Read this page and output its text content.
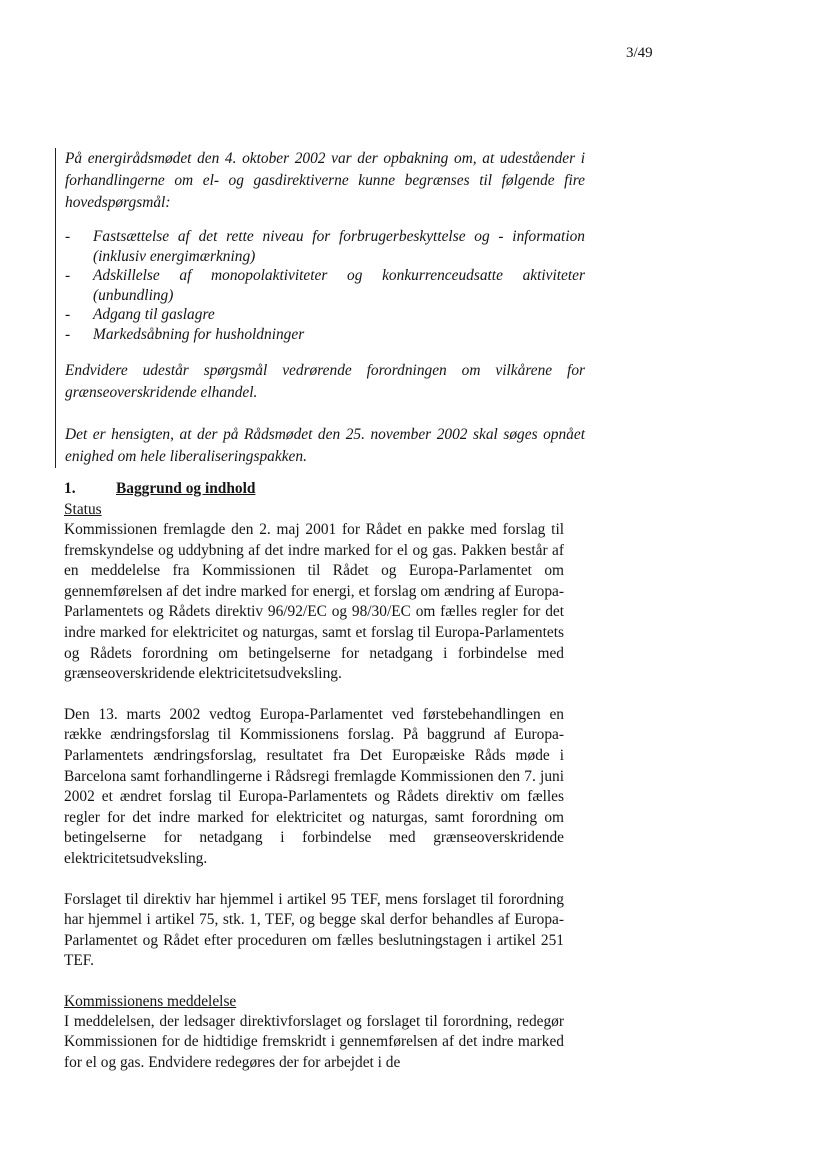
3/49

På energirådsmødet den 4. oktober 2002 var der opbakning om, at udeståender i forhandlingerne om el- og gasdirektiverne kunne begrænses til følgende fire hovedspørgsmål:

- Fastsættelse af det rette niveau for forbrugerbeskyttelse og - information (inklusiv energimærkning)
- Adskillelse af monopolaktiviteter og konkurrenceudsatte aktiviteter (unbundling)
- Adgang til gaslagre
- Markedsåbning for husholdninger

Endvidere udestår spørgsmål vedrørende forordningen om vilkårene for grænseoverskridende elhandel.

Det er hensigten, at der på Rådsmødet den 25. november 2002 skal søges opnået enighed om hele liberaliseringspakken.

1.	Baggrund og indhold
Status

Kommissionen fremlagde den 2. maj 2001 for Rådet en pakke med forslag til fremskyndelse og uddybning af det indre marked for el og gas. Pakken består af en meddelelse fra Kommissionen til Rådet og Europa-Parlamentet om gennemførelsen af det indre marked for energi, et forslag om ændring af Europa-Parlamentets og Rådets direktiv 96/92/EC og 98/30/EC om fælles regler for det indre marked for elektricitet og naturgas, samt et forslag til Europa-Parlamentets og Rådets forordning om betingelserne for netadgang i forbindelse med grænseoverskridende elektricitetsudveksling.

Den 13. marts 2002 vedtog Europa-Parlamentet ved førstebehandlingen en række ændringsforslag til Kommissionens forslag. På baggrund af Europa-Parlamentets ændringsforslag, resultatet fra Det Europæiske Råds møde i Barcelona samt forhandlingerne i Rådsregi fremlagde Kommissionen den 7. juni 2002 et ændret forslag til Europa-Parlamentets og Rådets direktiv om fælles regler for det indre marked for elektricitet og naturgas, samt forordning om betingelserne for netadgang i forbindelse med grænseoverskridende elektricitetsudveksling.

Forslaget til direktiv har hjemmel i artikel 95 TEF, mens forslaget til forordning har hjemmel i artikel 75, stk. 1, TEF, og begge skal derfor behandles af Europa-Parlamentet og Rådet efter proceduren om fælles beslutningstagen i artikel 251 TEF.

Kommissionens meddelelse

I meddelelsen, der ledsager direktivforslaget og forslaget til forordning, redegør Kommissionen for de hidtidige fremskridt i gennemførelsen af det indre marked for el og gas. Endvidere redegøres der for arbejdet i de
